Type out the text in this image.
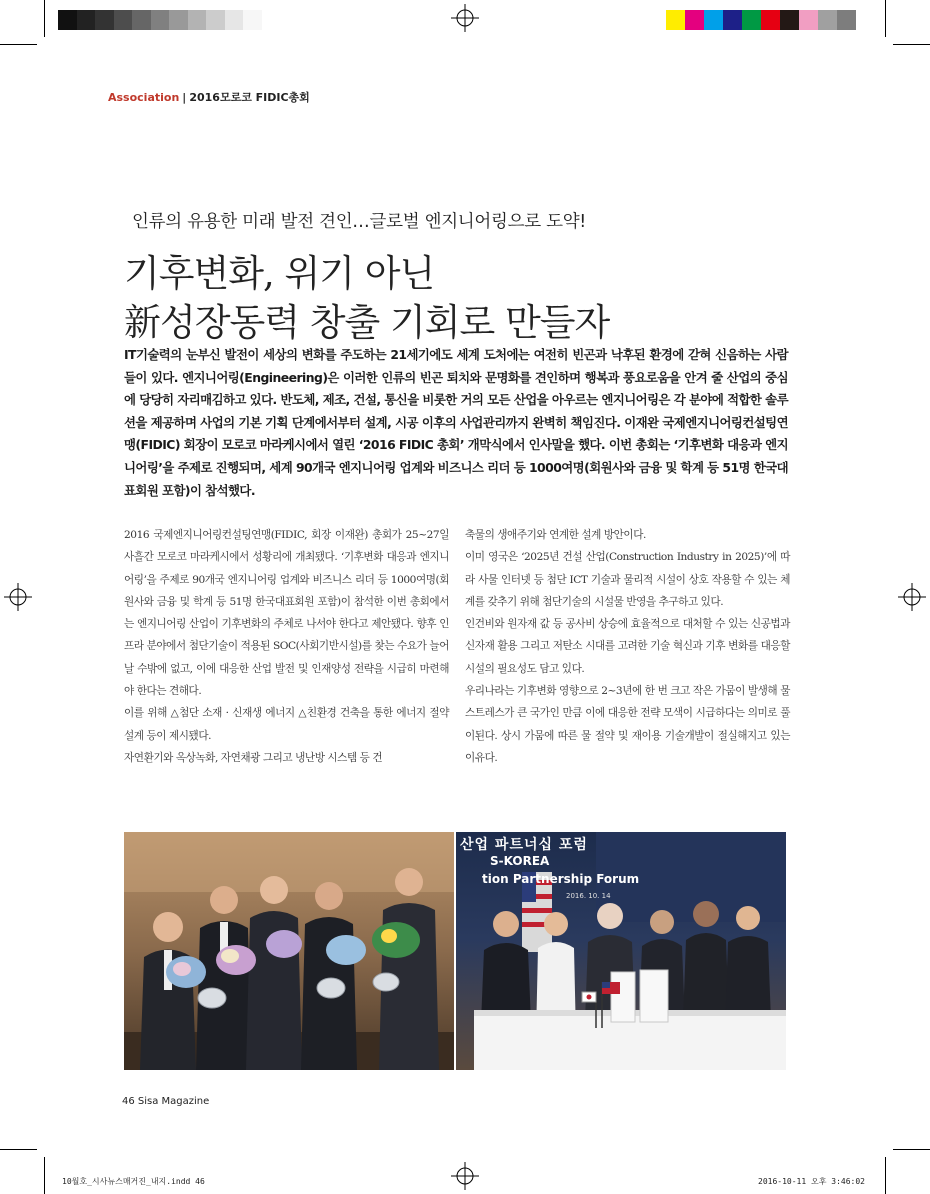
Association | 2016모로코 FIDIC총회
인류의 유용한 미래 발전 견인…글로벌 엔지니어링으로 도약!
기후변화, 위기 아닌
新성장동력 창출 기회로 만들자
IT기술력의 눈부신 발전이 세상의 변화를 주도하는 21세기에도 세계 도처에는 여전히 빈곤과 낙후된 환경에 갇혀 신음하는 사람들이 있다. 엔지니어링(Engineering)은 이러한 인류의 빈곤 퇴치와 문명화를 견인하며 행복과 풍요로움을 안겨 줄 산업의 중심에 당당히 자리매김하고 있다. 반도체, 제조, 건설, 통신을 비롯한 거의 모든 산업을 아우르는 엔지니어링은 각 분야에 적합한 솔루션을 제공하며 사업의 기본 기획 단계에서부터 설계, 시공 이후의 사업관리까지 완벽히 책임진다. 이재완 국제엔지니어링컨설팅연맹(FIDIC) 회장이 모로코 마라케시에서 열린 ‘2016 FIDIC 총회’ 개막식에서 인사말을 했다. 이번 총회는 ‘기후변화 대응과 엔지니어링’을 주제로 진행되며, 세계 90개국 엔지니어링 업계와 비즈니스 리더 등 1000여명(회원사와 금융 및 학계 등 51명 한국대표회원 포함)이 참석했다.

2016 국제엔지니어링컨설팅연맹(FIDIC, 회장 이재완) 총회가 25~27일 사흘간 모로코 마라케시에서 성황리에 개최됐다. ‘기후변화 대응과 엔지니어링’을 주제로 90개국 엔지니어링 업계와 비즈니스 리더 등 1000여명(회원사와 금융 및 학계 등 51명 한국대표회원 포함)이 참석한 이번 총회에서는 엔지니어링 산업이 기후변화의 주체로 나서야 한다고 제안됐다. 향후 인프라 분야에서 첨단기술이 적용된 SOC(사회기반시설)를 찾는 수요가 늘어날 수밖에 없고, 이에 대응한 산업 발전 및 인재양성 전략을 시급히 마련해야 한다는 견해다.

이를 위해 △첨단 소재 · 신재생 에너지 △친환경 건축을 통한 에너지 절약 설계 등이 제시됐다.

자연환기와 옥상녹화, 자연채광 그리고 냉난방 시스템 등 건

축물의 생애주기와 연계한 설계 방안이다.

이미 영국은 ‘2025년 건설 산업(Construction Industry in 2025)’에 따라 사물 인터넷 등 첨단 ICT 기술과 물리적 시설이 상호 작용할 수 있는 체계를 갖추기 위해 첨단기술의 시설물 반영을 추구하고 있다.

인건비와 원자재 값 등 공사비 상승에 효율적으로 대처할 수 있는 신공법과 신자재 활용 그리고 저탄소 시대를 고려한 기술 혁신과 기후 변화를 대응할 시설의 필요성도 담고 있다.

우리나라는 기후변화 영향으로 2~3년에 한 번 크고 작은 가뭄이 발생해 물 스트레스가 큰 국가인 만큼 이에 대응한 전략 모색이 시급하다는 의미로 풀이된다. 상시 가뭄에 따른 물 절약 및 재이용 기술개발이 절실해지고 있는 이유다.

산업 파트너십 포럼
S-KOREA
tion Partnership Forum
2016. 10. 14
46 Sisa Magazine
10월호_시사뉴스매거진_내지.indd 46	2016-10-11 오후 3:46:02
